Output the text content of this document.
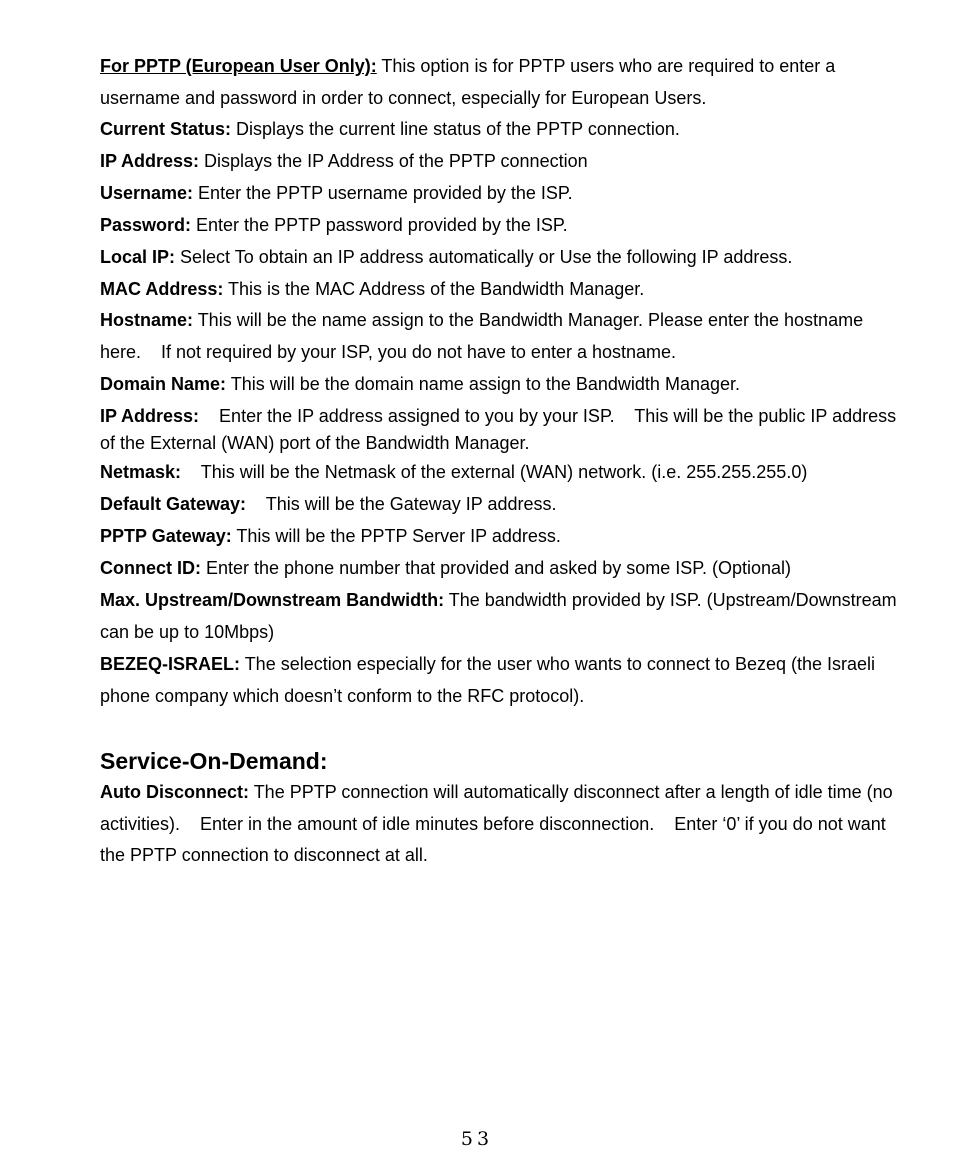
For PPTP (European User Only): This option is for PPTP users who are required to enter a username and password in order to connect, especially for European Users.
Current Status: Displays the current line status of the PPTP connection.
IP Address: Displays the IP Address of the PPTP connection
Username: Enter the PPTP username provided by the ISP.
Password: Enter the PPTP password provided by the ISP.
Local IP: Select To obtain an IP address automatically or Use the following IP address.
MAC Address: This is the MAC Address of the Bandwidth Manager.
Hostname: This will be the name assign to the Bandwidth Manager. Please enter the hostname here.    If not required by your ISP, you do not have to enter a hostname.
Domain Name: This will be the domain name assign to the Bandwidth Manager.
IP Address:    Enter the IP address assigned to you by your ISP.    This will be the public IP address of the External (WAN) port of the Bandwidth Manager.
Netmask:    This will be the Netmask of the external (WAN) network. (i.e. 255.255.255.0)
Default Gateway:    This will be the Gateway IP address.
PPTP Gateway: This will be the PPTP Server IP address.
Connect ID: Enter the phone number that provided and asked by some ISP. (Optional)
Max. Upstream/Downstream Bandwidth: The bandwidth provided by ISP. (Upstream/Downstream can be up to 10Mbps)
BEZEQ-ISRAEL: The selection especially for the user who wants to connect to Bezeq (the Israeli phone company which doesn’t conform to the RFC protocol).
Service-On-Demand:
Auto Disconnect: The PPTP connection will automatically disconnect after a length of idle time (no activities).    Enter in the amount of idle minutes before disconnection.    Enter ‘0’ if you do not want the PPTP connection to disconnect at all.
53
